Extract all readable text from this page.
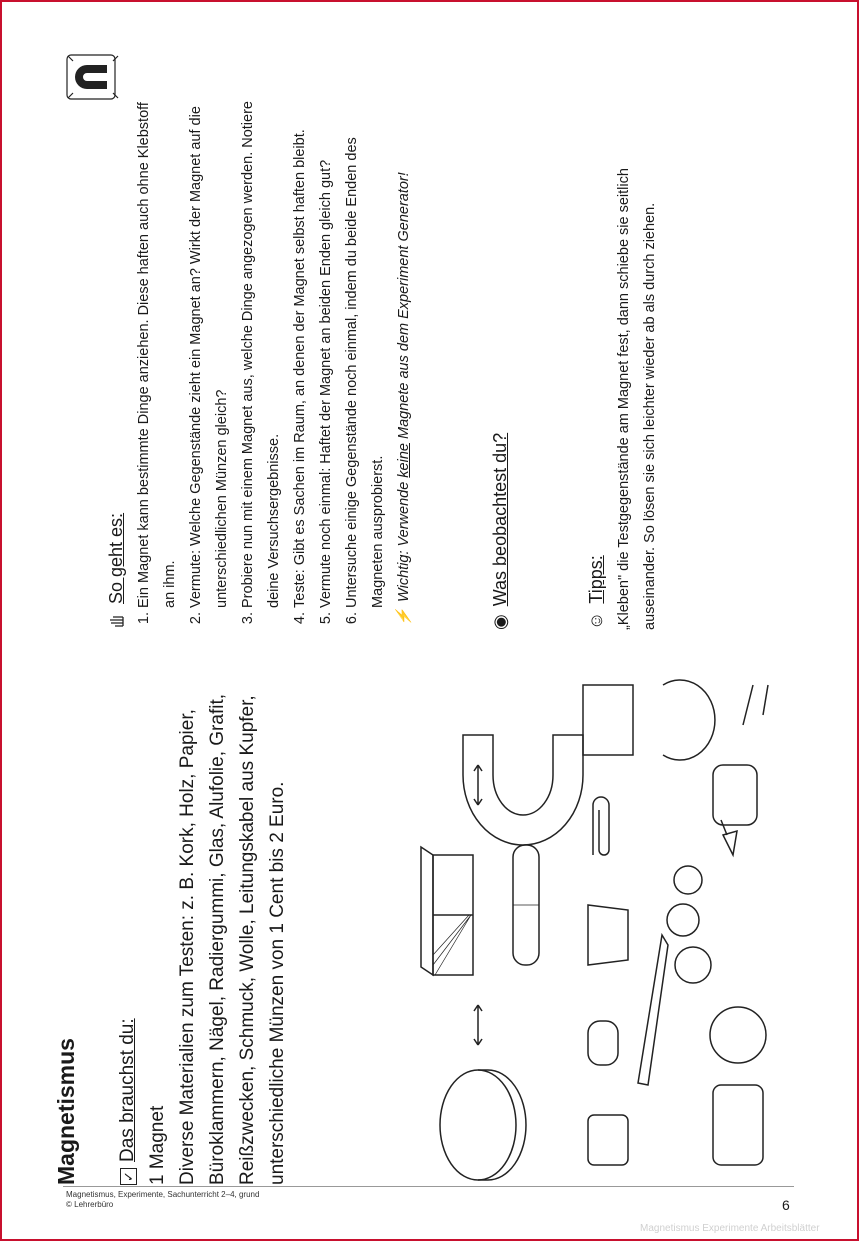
Magnetismus	✓
Das brauchst du: 1 Magnet Diverse Materialien zum Testen: z. B. Kork, Holz, Papier, Büroklammern, Nägel, Radiergummi, Glas, Alufolie, Grafit, Reißzwecken, Schmuck, Wolle, Leitungskabel aus Kupfer, unterschiedliche Münzen von 1 Cent bis 2 Euro.

So geht es: 1. Ein Magnet kann bestimmte Dinge anziehen. Diese haften auch ohne Klebstoff an ihm. 2. Vermute: Welche Gegenstände zieht ein Magnet an? Wirkt der Magnet auf die unterschiedlichen Münzen gleich? 3. Probiere nun mit einem Magnet aus, welche Dinge angezogen werden. Notiere deine Versuchsergebnisse. 4. Teste: Gibt es Sachen im Raum, an denen der Magnet selbst haften bleibt. 5. Vermute noch einmal: Haftet der Magnet an beiden Enden gleich gut? 6. Untersuche einige Gegenstände noch einmal, indem du beide Enden des Magneten ausprobierst.
⚡
Wichtig: Verwende keine Magnete aus dem Experiment Generator!
◉
Was beobachtest du?
☺
Tipps: „Kleben" die Testgegenstände am Magnet fest, dann schiebe sie seitlich auseinander. So lösen sie sich leichter wieder ab als durch ziehen.
Magnetismus, Experimente, Sachunterricht 2–4, grund
© Lehrerbüro	6
Magnetismus Experimente Arbeitsblätter
